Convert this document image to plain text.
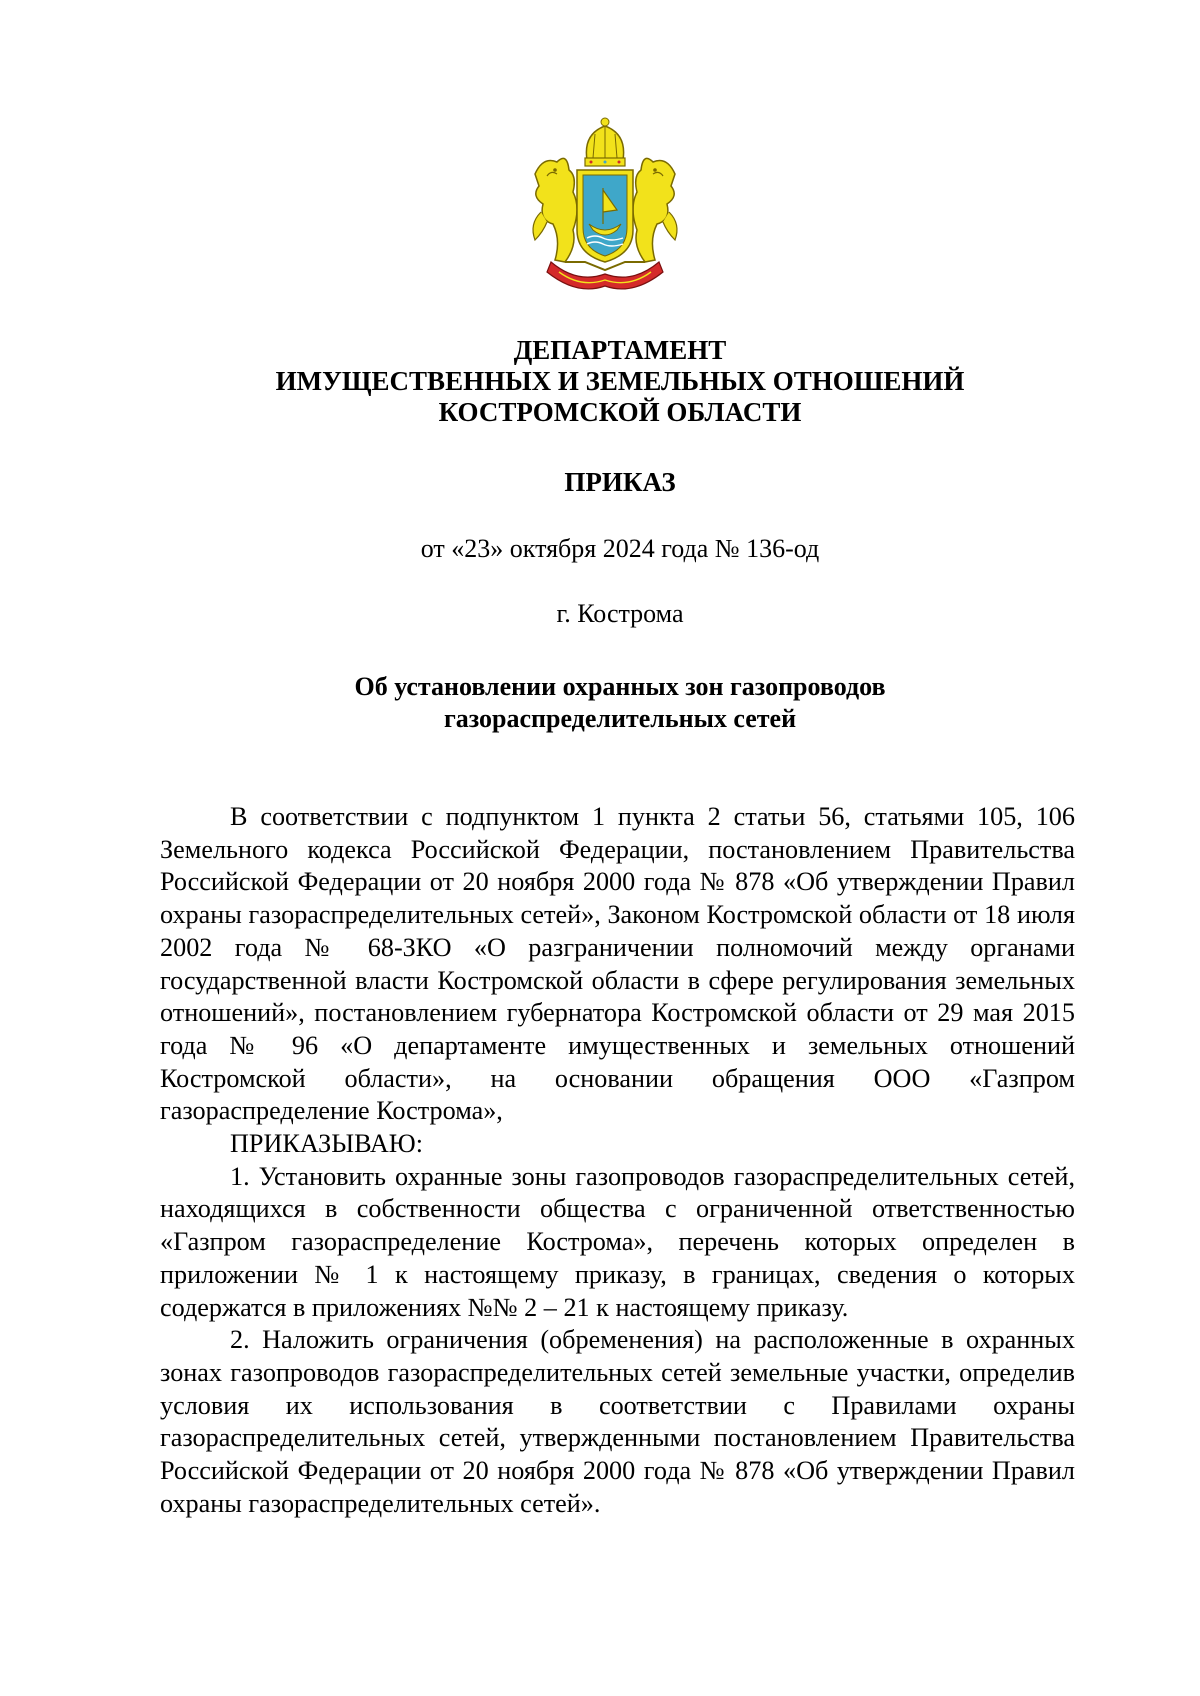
ДЕПАРТАМЕНТ
ИМУЩЕСТВЕННЫХ И ЗЕМЕЛЬНЫХ ОТНОШЕНИЙ
КОСТРОМСКОЙ ОБЛАСТИ
ПРИКАЗ
от «23» октября 2024 года № 136-од
г. Кострома
Об установлении охранных зон газопроводов
газораспределительных сетей

В соответствии с подпунктом 1 пункта 2 статьи 56, статьями 105, 106 Земельного кодекса Российской Федерации, постановлением Правительства Российской Федерации от 20 ноября 2000 года № 878 «Об утверждении Правил охраны газораспределительных сетей», Законом Костромской области от 18 июля 2002 года № 68-ЗКО «О разграничении полномочий между органами государственной власти Костромской области в сфере регулирования земельных отношений», постановлением губернатора Костромской области от 29 мая 2015 года № 96 «О департаменте имущественных и земельных отношений Костромской области», на основании обращения ООО «Газпром газораспределение Кострома»,

ПРИКАЗЫВАЮ:

1. Установить охранные зоны газопроводов газораспределительных сетей, находящихся в собственности общества с ограниченной ответственностью «Газпром газораспределение Кострома», перечень которых определен в приложении № 1 к настоящему приказу, в границах, сведения о которых содержатся в приложениях №№ 2 – 21 к настоящему приказу.

2. Наложить ограничения (обременения) на расположенные в охранных зонах газопроводов газораспределительных сетей земельные участки, определив условия их использования в соответствии с Правилами охраны газораспределительных сетей, утвержденными постановлением Правительства Российской Федерации от 20 ноября 2000 года № 878 «Об утверждении Правил охраны газораспределительных сетей».
